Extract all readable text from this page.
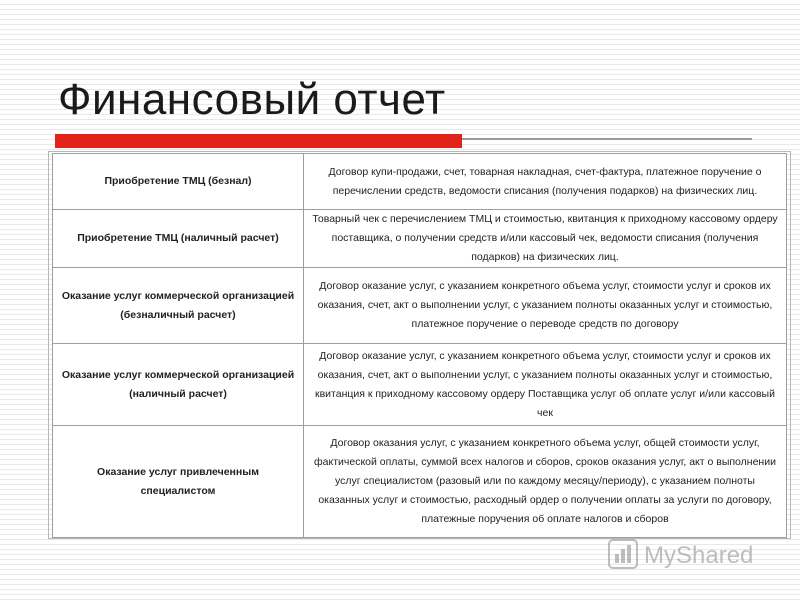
Финансовый отчет
Приобретение ТМЦ (безнал)	Договор купи-продажи, счет, товарная накладная, счет-фактура, платежное поручение о перечислении средств, ведомости списания (получения подарков) на физических лиц.
Приобретение ТМЦ (наличный расчет)	Товарный чек с перечислением ТМЦ и стоимостью, квитанция к приходному кассовому ордеру поставщика, о получении средств и/или кассовый чек, ведомости списания (получения подарков) на физических лиц.
Оказание услуг коммерческой организацией (безналичный расчет)	Договор оказание услуг, с указанием конкретного объема услуг, стоимости услуг и сроков их оказания, счет, акт о выполнении услуг, с указанием полноты оказанных услуг и стоимостью, платежное поручение о переводе средств по договору
Оказание услуг коммерческой организацией (наличный расчет)	Договор оказание услуг, с указанием конкретного объема услуг, стоимости услуг и сроков их оказания, счет, акт о выполнении услуг, с указанием полноты оказанных услуг и стоимостью, квитанция к приходному кассовому ордеру Поставщика услуг об оплате услуг и/или кассовый чек
Оказание услуг привлеченным специалистом	Договор оказания услуг, с указанием конкретного объема услуг, общей стоимости услуг, фактической оплаты, суммой всех налогов и сборов, сроков оказания услуг, акт о выполнении услуг специалистом (разовый или по каждому месяцу/периоду), с указанием полноты оказанных услуг и стоимостью, расходный ордер о получении оплаты за услуги по договору, платежные поручения об оплате налогов и сборов
MyShared
